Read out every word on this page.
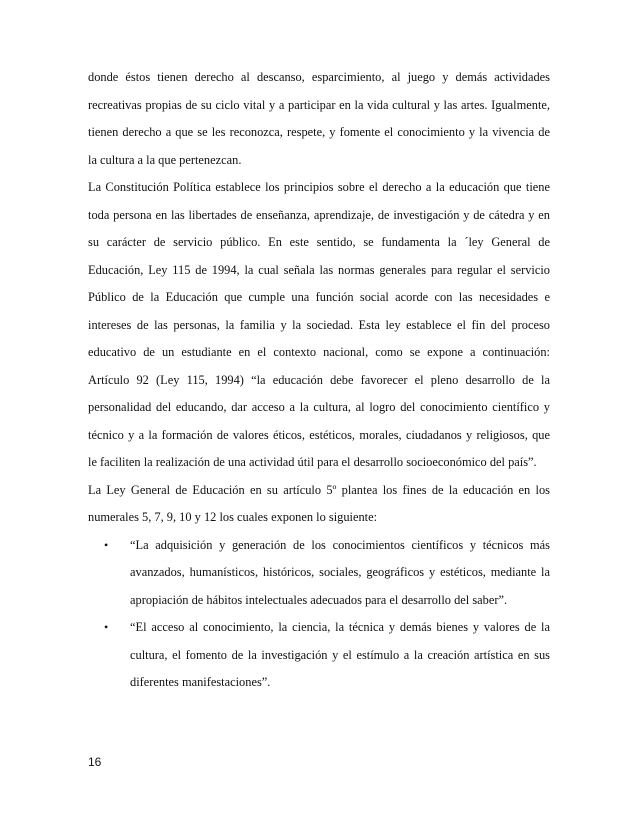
donde éstos tienen derecho al descanso, esparcimiento, al juego y demás actividades
recreativas propias de su ciclo vital y a participar en la vida cultural y las artes. Igualmente,
tienen derecho a que se les reconozca, respete, y fomente el conocimiento y la vivencia de
la cultura a la que pertenezcan.
La Constitución Política establece los principios sobre el derecho a la educación que tiene
toda persona en las libertades de enseñanza, aprendizaje, de investigación y de cátedra y en
su carácter de servicio público. En este sentido, se fundamenta la ´ley General de
Educación, Ley 115 de 1994, la cual señala las normas generales para regular el servicio
Público de la Educación que cumple una función social acorde con las necesidades e
intereses de las personas, la familia y la sociedad. Esta ley establece el fin del proceso
educativo de un estudiante en el contexto nacional, como se expone a continuación:
Artículo 92 (Ley 115, 1994) “la educación debe favorecer el pleno desarrollo de la
personalidad del educando, dar acceso a la cultura, al logro del conocimiento científico y
técnico y a la formación de valores éticos, estéticos, morales, ciudadanos y religiosos, que
le faciliten la realización de una actividad útil para el desarrollo socioeconómico del país”.
La Ley General de Educación en su artículo 5º plantea los fines de la educación en los
numerales 5, 7, 9, 10 y 12 los cuales exponen lo siguiente:
• “La adquisición y generación de los conocimientos científicos y técnicos más
avanzados, humanísticos, históricos, sociales, geográficos y estéticos, mediante la
apropiación de hábitos intelectuales adecuados para el desarrollo del saber”.
• “El acceso al conocimiento, la ciencia, la técnica y demás bienes y valores de la
cultura, el fomento de la investigación y el estímulo a la creación artística en sus
diferentes manifestaciones”.
16
